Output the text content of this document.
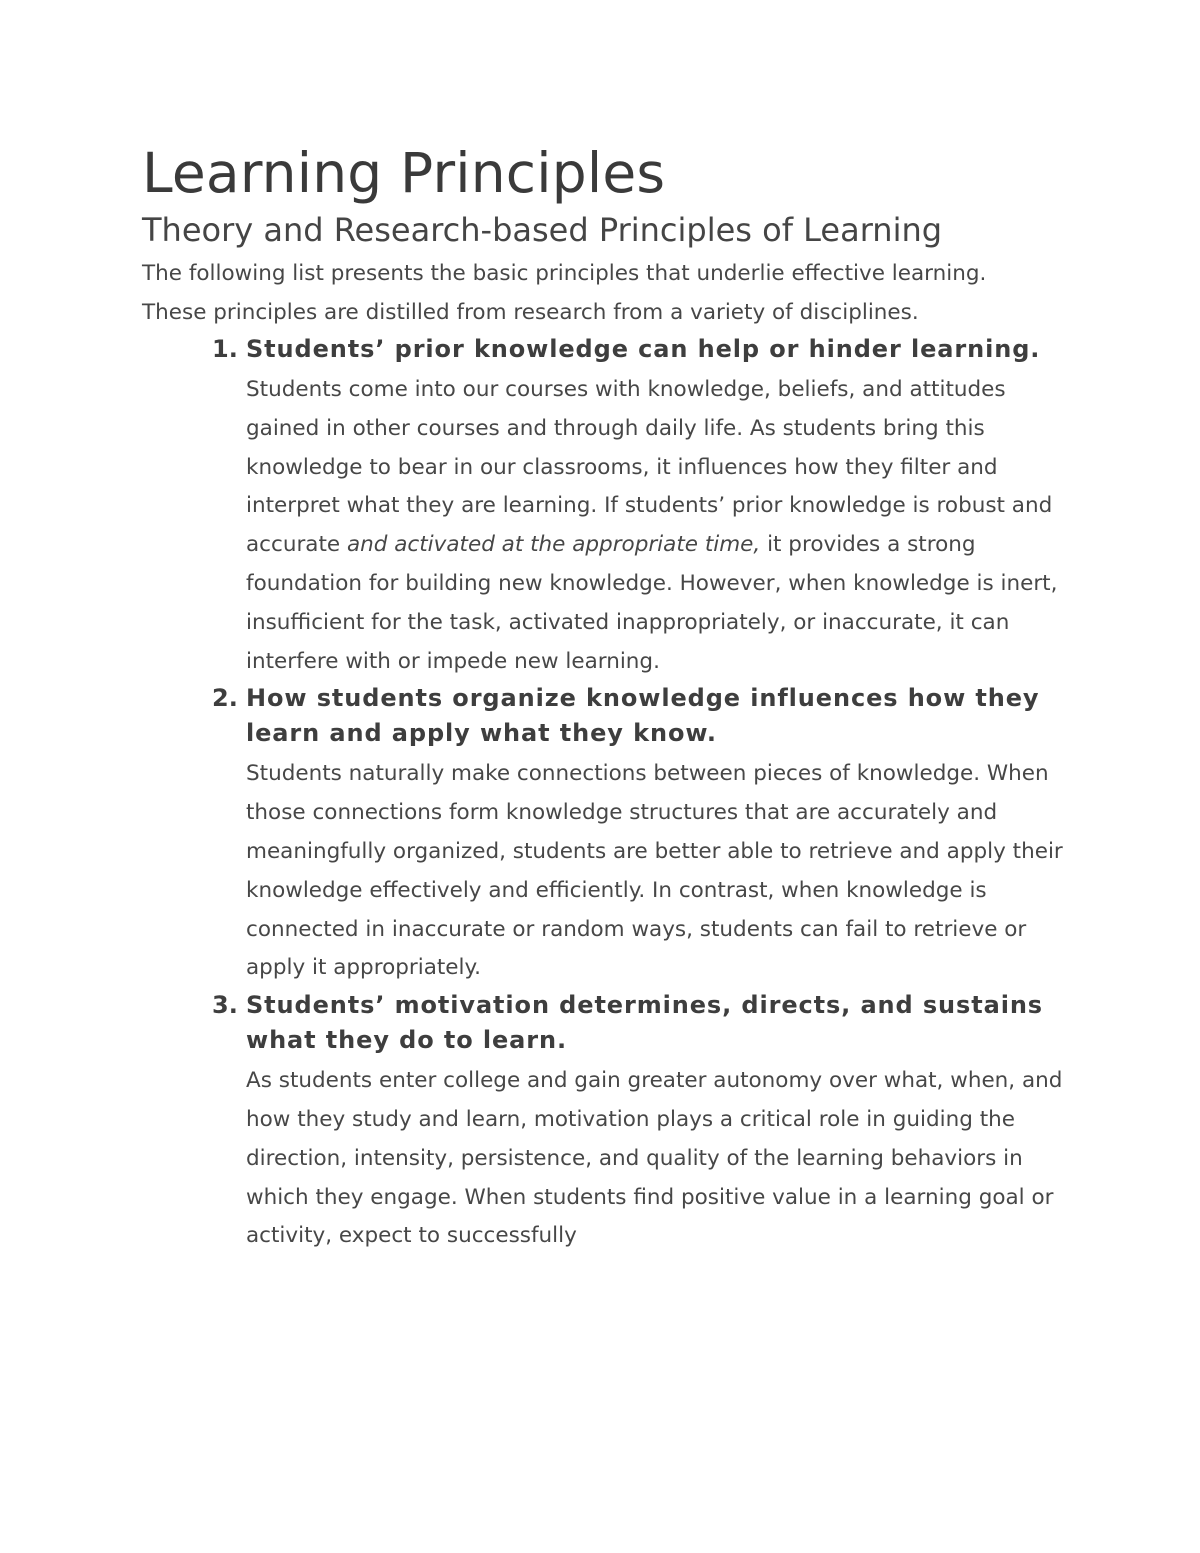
Learning Principles
Theory and Research-based Principles of Learning

The following list presents the basic principles that underlie effective learning. These principles are distilled from research from a variety of disciplines.

1. Students’ prior knowledge can help or hinder learning.

Students come into our courses with knowledge, beliefs, and attitudes gained in other courses and through daily life. As students bring this knowledge to bear in our classrooms, it influences how they filter and interpret what they are learning. If students’ prior knowledge is robust and accurate and activated at the appropriate time, it provides a strong foundation for building new knowledge. However, when knowledge is inert, insufficient for the task, activated inappropriately, or inaccurate, it can interfere with or impede new learning.

2. How students organize knowledge influences how they learn and apply what they know.

Students naturally make connections between pieces of knowledge. When those connections form knowledge structures that are accurately and meaningfully organized, students are better able to retrieve and apply their knowledge effectively and efficiently. In contrast, when knowledge is connected in inaccurate or random ways, students can fail to retrieve or apply it appropriately.

3. Students’ motivation determines, directs, and sustains what they do to learn.

As students enter college and gain greater autonomy over what, when, and how they study and learn, motivation plays a critical role in guiding the direction, intensity, persistence, and quality of the learning behaviors in which they engage. When students find positive value in a learning goal or activity, expect to successfully
